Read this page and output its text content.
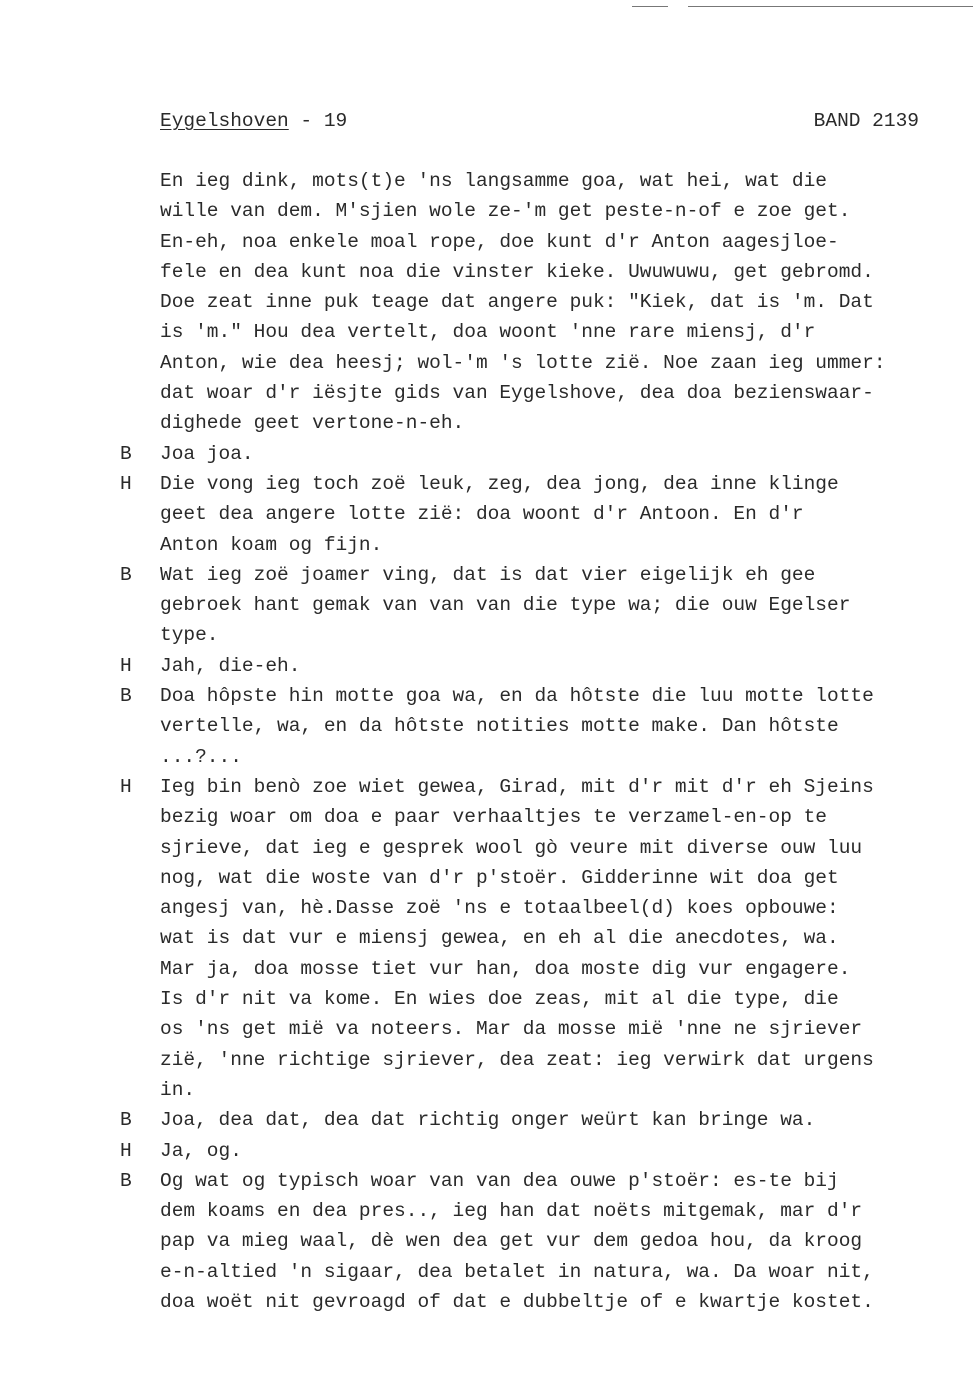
Eygelshoven - 19	BAND 2139
En ieg dink, mots(t)e 'ns langsamme goa, wat hei, wat die
wille van dem. M'sjien wole ze-'m get peste-n-of e zoe get.
En-eh, noa enkele moal rope, doe kunt d'r Anton aagesjloe-
fele en dea kunt noa die vinster kieke. Uwuwuwu, get gebromd.
Doe zeat inne puk teage dat angere puk: "Kiek, dat is 'm. Dat
is 'm." Hou dea vertelt, doa woont 'nne rare miensj, d'r
Anton, wie dea heesj; wol-'m 's lotte zië. Noe zaan ieg ummer:
dat woar d'r iësjte gids van Eygelshove, dea doa bezienswaar-
dighede geet vertone-n-eh.
B	Joa joa.
H	Die vong ieg toch zoë leuk, zeg, dea jong, dea inne klinge
geet dea angere lotte zië: doa woont d'r Antoon. En d'r
Anton koam og fijn.
B	Wat ieg zoë joamer ving, dat is dat vier eigelijk eh gee
gebroek hant gemak van van van die type wa; die ouw Egelser
type.
H	Jah, die-eh.
B	Doa hôpste hin motte goa wa, en da hôtste die luu motte lotte
vertelle, wa, en da hôtste notities motte make. Dan hôtste
...?...
H	Ieg bin benò zoe wiet gewea, Girad, mit d'r mit d'r eh Sjeins
bezig woar om doa e paar verhaaltjes te verzamel-en-op te
sjrieve, dat ieg e gesprek wool gò veure mit diverse ouw luu
nog, wat die woste van d'r p'stoër. Gidderinne wit doa get
angesj van, hè.Dasse zoë 'ns e totaalbeel(d) koes opbouwe:
wat is dat vur e miensj gewea, en eh al die anecdotes, wa.
Mar ja, doa mosse tiet vur han, doa moste dig vur engagere.
Is d'r nit va kome. En wies doe zeas, mit al die type, die
os 'ns get mië va noteers. Mar da mosse mië 'nne ne sjriever
zië, 'nne richtige sjriever, dea zeat: ieg verwirk dat urgens
in.
B	Joa, dea dat, dea dat richtig onger weürt kan bringe wa.
H	Ja, og.
B	Og wat og typisch woar van van dea ouwe p'stoër: es-te bij
dem koams en dea pres.., ieg han dat noëts mitgemak, mar d'r
pap va mieg waal, dè wen dea get vur dem gedoa hou, da kroog
e-n-altied 'n sigaar, dea betalet in natura, wa. Da woar nit,
doa woët nit gevroagd of dat e dubbeltje of e kwartje kostet.
